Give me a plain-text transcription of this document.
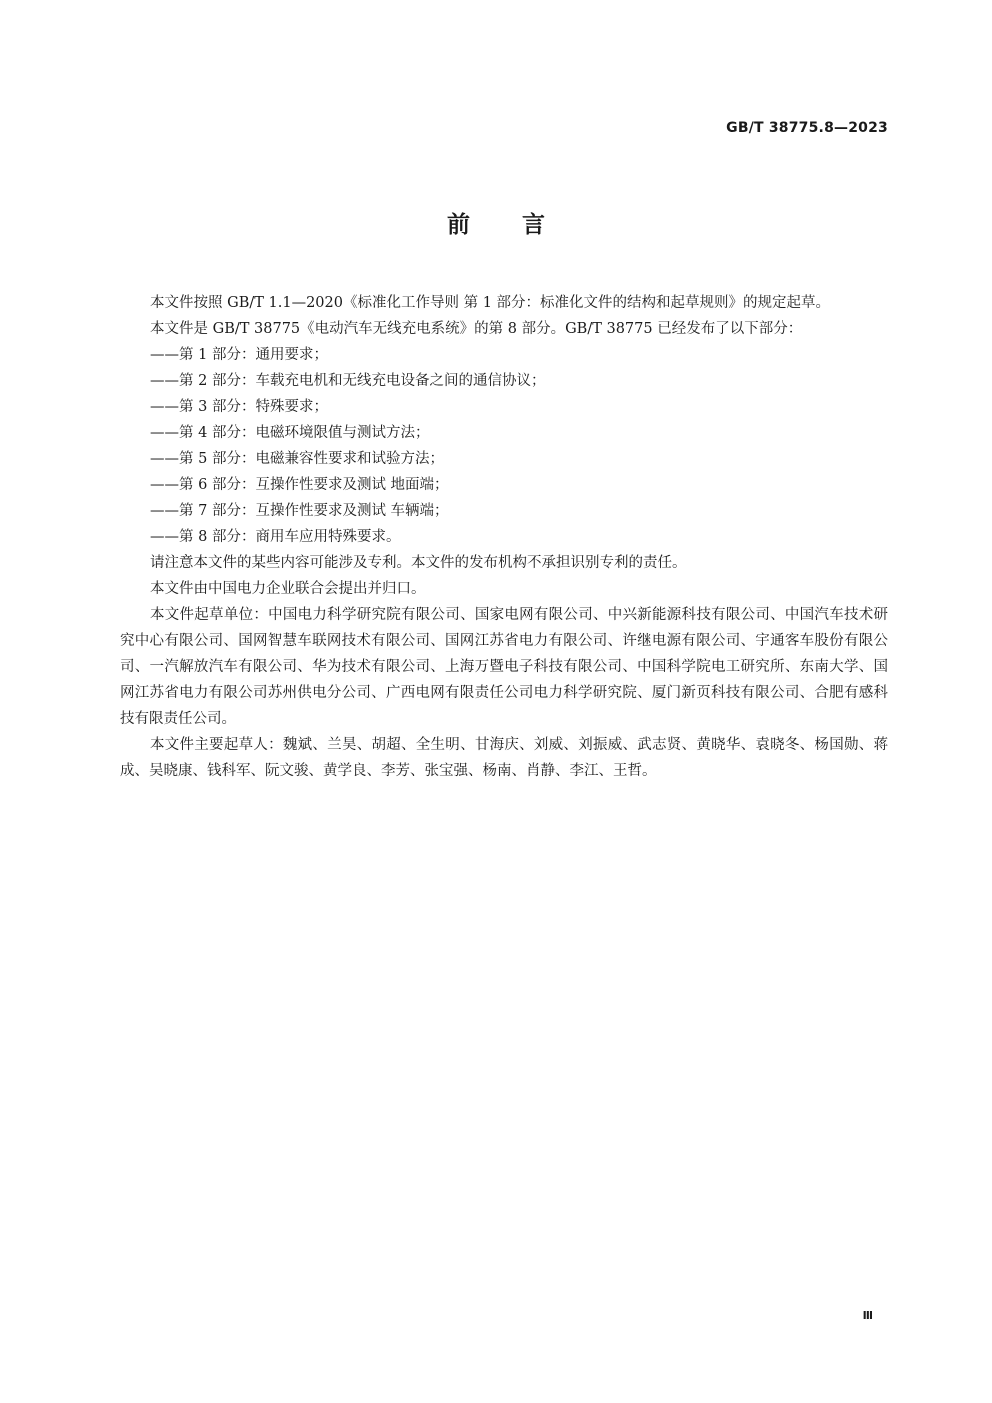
GB/T 38775.8—2023
前言

本文件按照 GB/T 1.1—2020《标准化工作导则 第 1 部分：标准化文件的结构和起草规则》的规定起草。

本文件是 GB/T 38775《电动汽车无线充电系统》的第 8 部分。GB/T 38775 已经发布了以下部分：

——第 1 部分：通用要求；

——第 2 部分：车载充电机和无线充电设备之间的通信协议；

——第 3 部分：特殊要求；

——第 4 部分：电磁环境限值与测试方法；

——第 5 部分：电磁兼容性要求和试验方法；

——第 6 部分：互操作性要求及测试 地面端；

——第 7 部分：互操作性要求及测试 车辆端；

——第 8 部分：商用车应用特殊要求。

请注意本文件的某些内容可能涉及专利。本文件的发布机构不承担识别专利的责任。

本文件由中国电力企业联合会提出并归口。

本文件起草单位：中国电力科学研究院有限公司、国家电网有限公司、中兴新能源科技有限公司、中国汽车技术研究中心有限公司、国网智慧车联网技术有限公司、国网江苏省电力有限公司、许继电源有限公司、宇通客车股份有限公司、一汽解放汽车有限公司、华为技术有限公司、上海万暨电子科技有限公司、中国科学院电工研究所、东南大学、国网江苏省电力有限公司苏州供电分公司、广西电网有限责任公司电力科学研究院、厦门新页科技有限公司、合肥有感科技有限责任公司。

本文件主要起草人：魏斌、兰昊、胡超、全生明、甘海庆、刘威、刘振威、武志贤、黄晓华、袁晓冬、杨国勋、蒋成、吴晓康、钱科军、阮文骏、黄学良、李芳、张宝强、杨南、肖静、李江、王哲。

Ⅲ
